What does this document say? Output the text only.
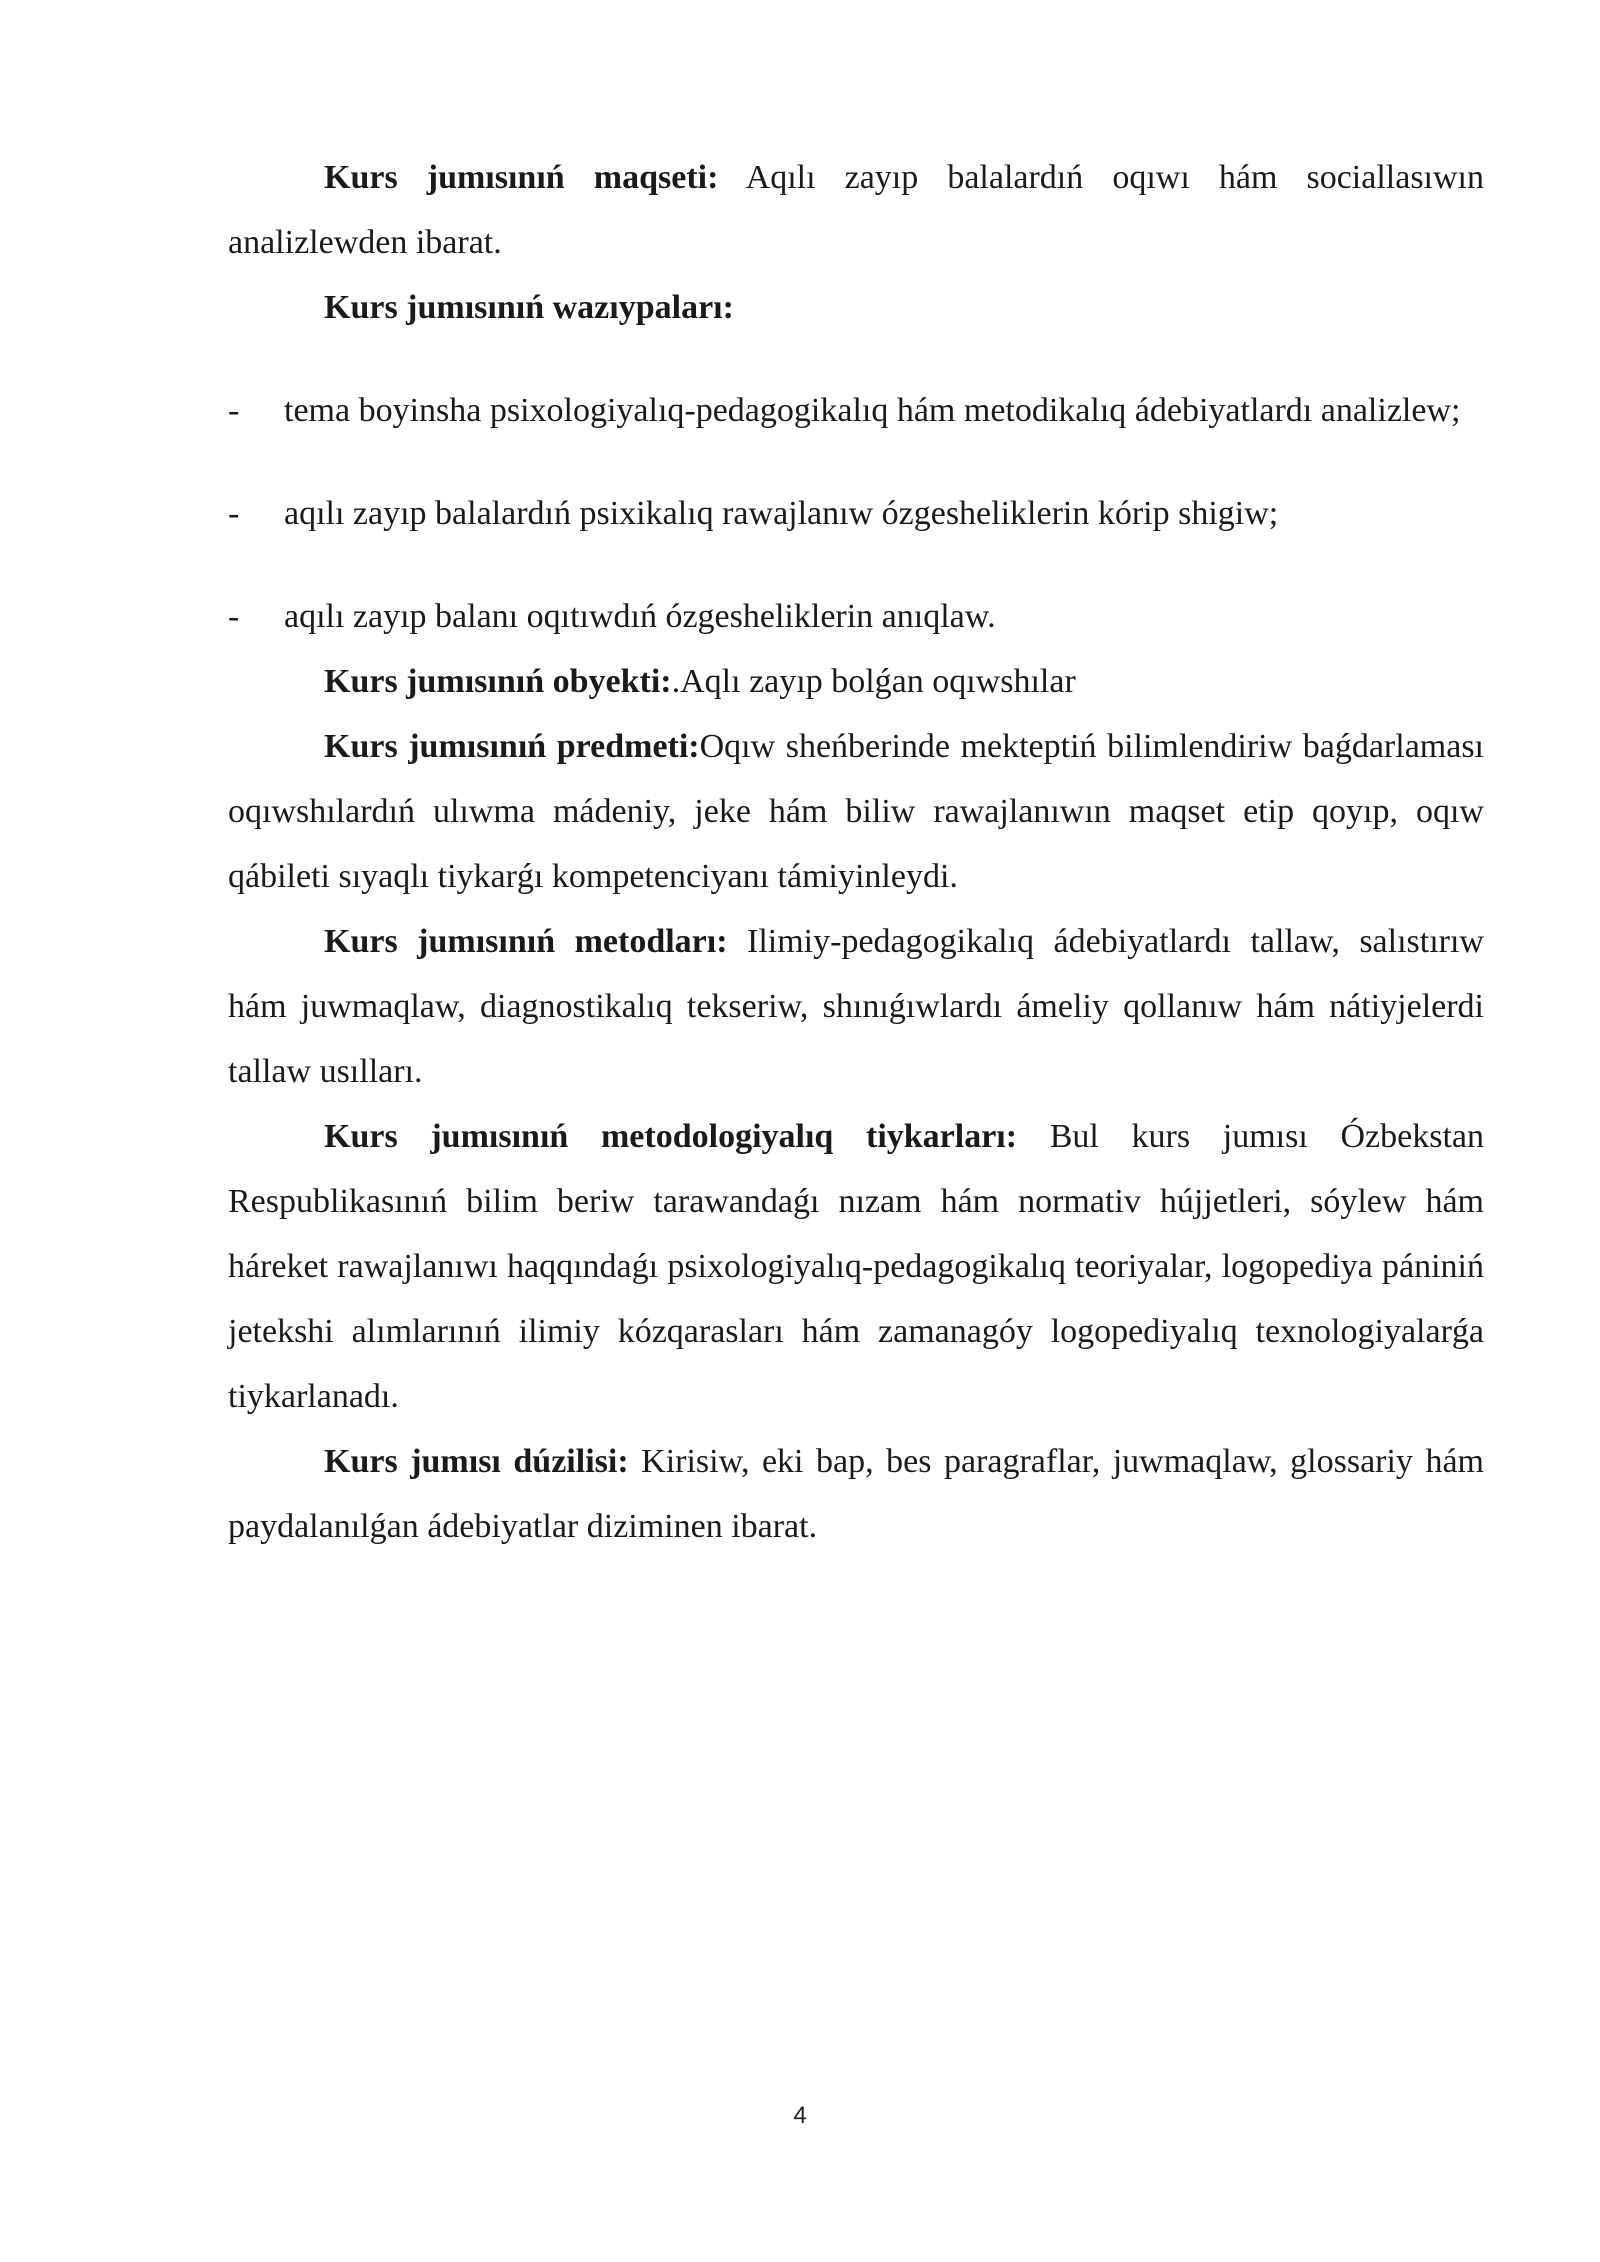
Kurs jumısınıń maqseti: Aqılı zayıp balalardıń oqıwı hám sociallasıwın analizlewden ibarat.

Kurs jumısınıń wazıypaları:

- tema boyinsha psixologiyalıq-pedagogikalıq hám metodikalıq ádebiyatlardı analizlew;

- aqılı zayıp balalardıń psixikalıq rawajlanıw ózgesheliklerin kórip shigiw;

- aqılı zayıp balanı oqıtıwdıń ózgesheliklerin anıqlaw.

Kurs jumısınıń obyekti:.Aqlı zayıp bolǵan oqıwshılar

Kurs jumısınıń predmeti:Oqıw sheńberinde mekteptiń bilimlendiriw baǵdarlaması oqıwshılardıń ulıwma mádeniy, jeke hám biliw rawajlanıwın maqset etip qoyıp, oqıw qábileti sıyaqlı tiykarǵı kompetenciyanı támiyinleydi.

Kurs jumısınıń metodları: Ilimiy-pedagogikalıq ádebiyatlardı tallaw, salıstırıw hám juwmaqlaw, diagnostikalıq tekseriw, shınıǵıwlardı ámeliy qollanıw hám nátiyjelerdi tallaw usılları.

Kurs jumısınıń metodologiyalıq tiykarları: Bul kurs jumısı Ózbekstan Respublikasınıń bilim beriw tarawandaǵı nızam hám normativ hújjetleri, sóylew hám háreket rawajlanıwı haqqındaǵı psixologiyalıq-pedagogikalıq teoriyalar, logopediya pániniń jetekshi alımlarınıń ilimiy kózqarasları hám zamanagóy logopediyalıq texnologiyalarǵa tiykarlanadı.

Kurs jumısı dúzilisi: Kirisiw, eki bap, bes paragraflar, juwmaqlaw, glossariy hám paydalanılǵan ádebiyatlar diziminen ibarat.

4
